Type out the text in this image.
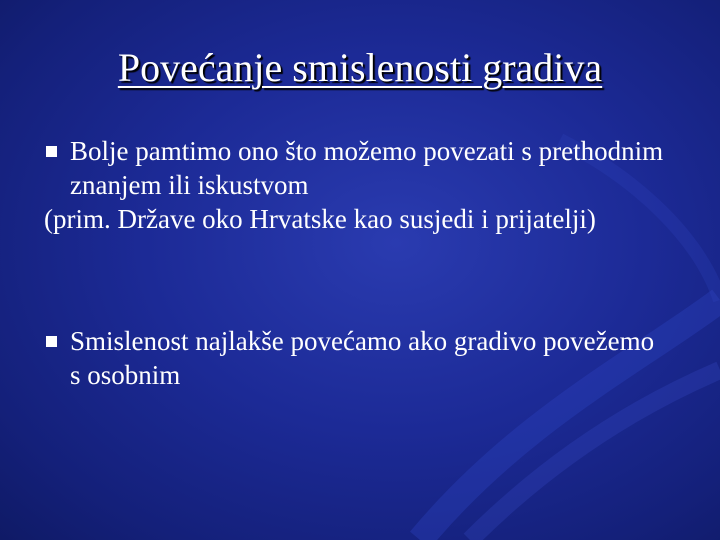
Povećanje smislenosti gradiva
Bolje pamtimo ono što možemo povezati s prethodnim znanjem ili iskustvom
(prim. Države oko Hrvatske kao susjedi i prijatelji)
Smislenost najlakše povećamo ako gradivo povežemo s osobnim
